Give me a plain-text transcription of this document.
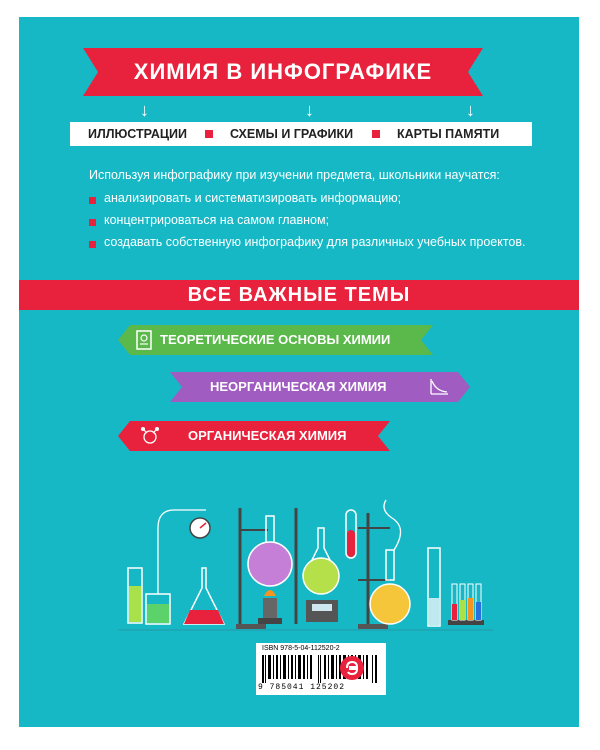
ХИМИЯ В ИНФОГРАФИКЕ
↓	↓	↓
ИЛЛЮСТРАЦИИ	СХЕМЫ И ГРАФИКИ	КАРТЫ ПАМЯТИ
Используя инфографику при изучении предмета, школьники научатся:
анализировать и систематизировать информацию;
концентрироваться на самом главном;
создавать собственную инфографику для различных учебных проектов.
ВСЕ ВАЖНЫЕ ТЕМЫ
ТЕОРЕТИЧЕСКИЕ ОСНОВЫ ХИМИИ
НЕОРГАНИЧЕСКАЯ ХИМИЯ
ОРГАНИЧЕСКАЯ ХИМИЯ
ISBN 978-5-04-112520-2
9 785041 125202
